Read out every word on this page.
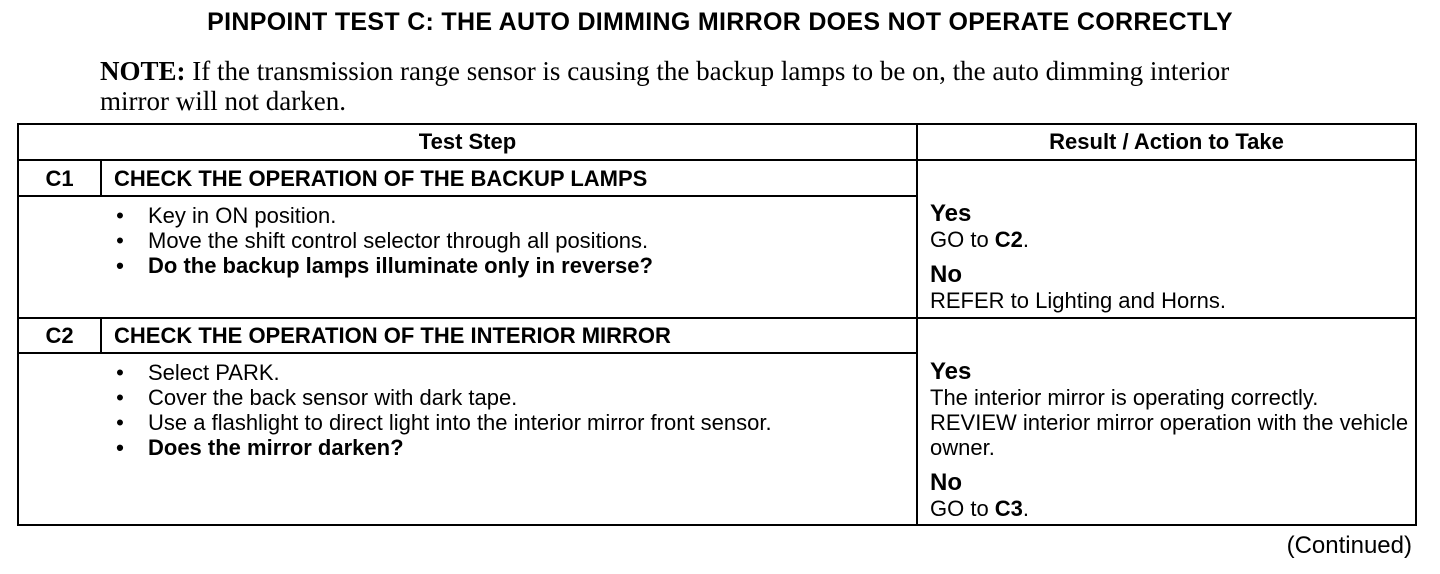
PINPOINT TEST C: THE AUTO DIMMING MIRROR DOES NOT OPERATE CORRECTLY
NOTE: If the transmission range sensor is causing the backup lamps to be on, the auto dimming interior mirror will not darken.
Test Step	Result / Action to Take
C1	CHECK THE OPERATION OF THE BACKUP LAMPS
• Key in ON position.
• Move the shift control selector through all positions.
• Do the backup lamps illuminate only in reverse?
Yes
GO to C2.
No
REFER to Lighting and Horns.
C2	CHECK THE OPERATION OF THE INTERIOR MIRROR
• Select PARK.
• Cover the back sensor with dark tape.
• Use a flashlight to direct light into the interior mirror front sensor.
• Does the mirror darken?
Yes
The interior mirror is operating correctly. REVIEW interior mirror operation with the vehicle owner.
No
GO to C3.
(Continued)
